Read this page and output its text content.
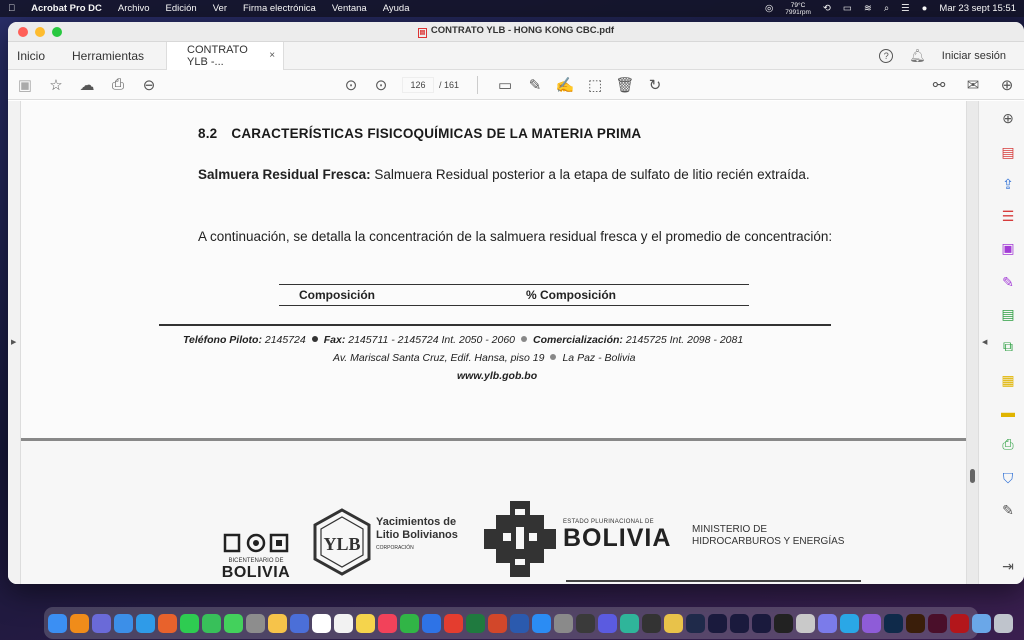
Acrobat Pro DC Archivo Edición Ver Firma electrónica Ventana Ayuda	◎	79°C
7991rpm ⟲ ▭ ≋ ⌕ ☰ ● Mar 23 sept 15:51
▤ CONTRATO YLB - HONG KONG CBC.pdf
Inicio Herramientas	CONTRATO YLB -...	×	?	🔔︎ Iniciar sesión
▣ ☆ ☁ ⎙ ⊖	⊙ ⊙	126	/ 161	▭ ✎ ✍ ⬚ 🗑︎ ↻	⚯ ✉ ⊕
▶
8.2 CARACTERÍSTICAS FISICOQUÍMICAS DE LA MATERIA PRIMA
Salmuera Residual Fresca: Salmuera Residual posterior a la etapa de sulfato de litio recién extraída.
A continuación, se detalla la concentración de la salmuera residual fresca y el promedio de concentración:
Composición	% Composición
Teléfono Piloto: 2145724 Fax: 2145711 - 2145724 Int. 2050 - 2060 Comercialización: 2145725 Int. 2098 - 2081
Av. Mariscal Santa Cruz, Edif. Hansa, piso 19 La Paz - Bolivia
www.ylb.gob.bo
BICENTENARIO DE
BOLIVIA
YLB
Yacimientos de
Litio Bolivianos
CORPORACIÓN
ESTADO PLURINACIONAL DE
BOLIVIA MINISTERIO DE
HIDROCARBUROS Y ENERGÍAS
◀
⊕
▤
⇪
☰
▣
✎
▤
⧉
▦
▬
⎙
⛉
✎
⇥
